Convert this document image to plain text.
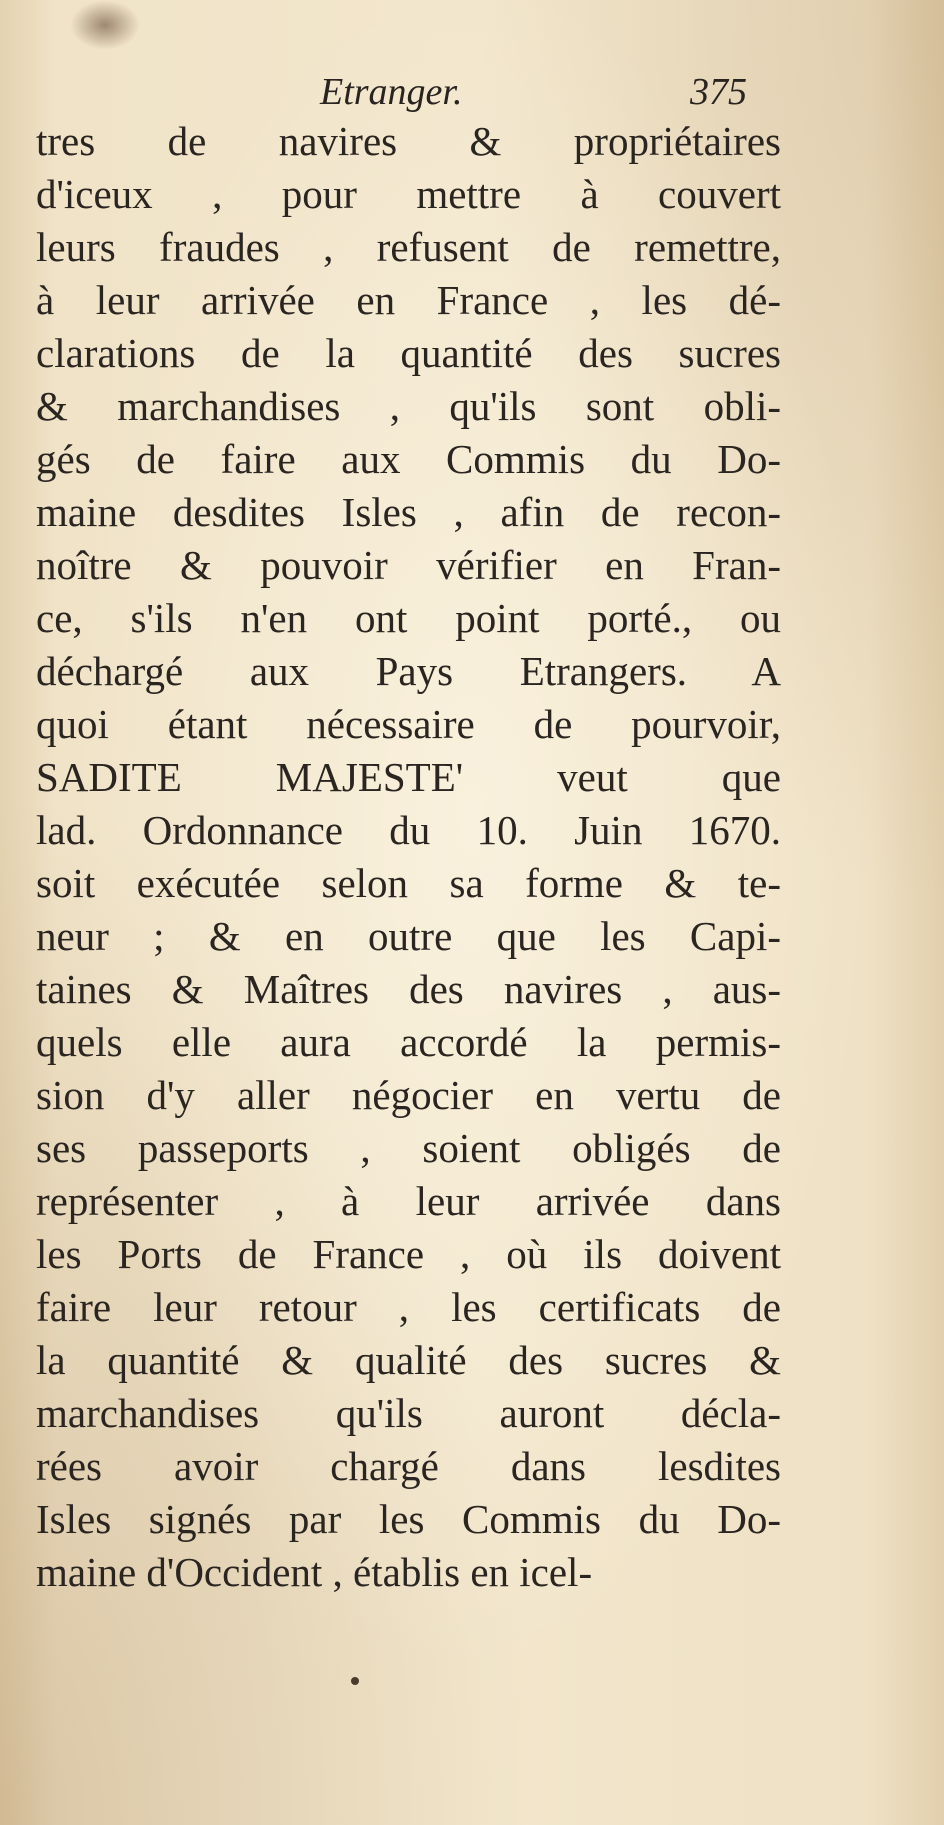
Etranger.	375
tres de navires & propriétaires
d'iceux , pour mettre à couvert
leurs fraudes , refusent de remettre,
à leur arrivée en France , les dé-
clarations de la quantité des sucres
& marchandises , qu'ils sont obli-
gés de faire aux Commis du Do-
maine desdites Isles , afin de recon-
noître & pouvoir vérifier en Fran-
ce, s'ils n'en ont point porté., ou
déchargé aux Pays Etrangers. A
quoi étant nécessaire de pourvoir,
SADITE MAJESTE' veut que
lad. Ordonnance du 10. Juin 1670.
soit exécutée selon sa forme & te-
neur ; & en outre que les Capi-
taines & Maîtres des navires , aus-
quels elle aura accordé la permis-
sion d'y aller négocier en vertu de
ses passeports , soient obligés de
représenter , à leur arrivée dans
les Ports de France , où ils doivent
faire leur retour , les certificats de
la quantité & qualité des sucres &
marchandises qu'ils auront décla-
rées avoir chargé dans lesdites
Isles signés par les Commis du Do-
maine d'Occident , établis en icel-
